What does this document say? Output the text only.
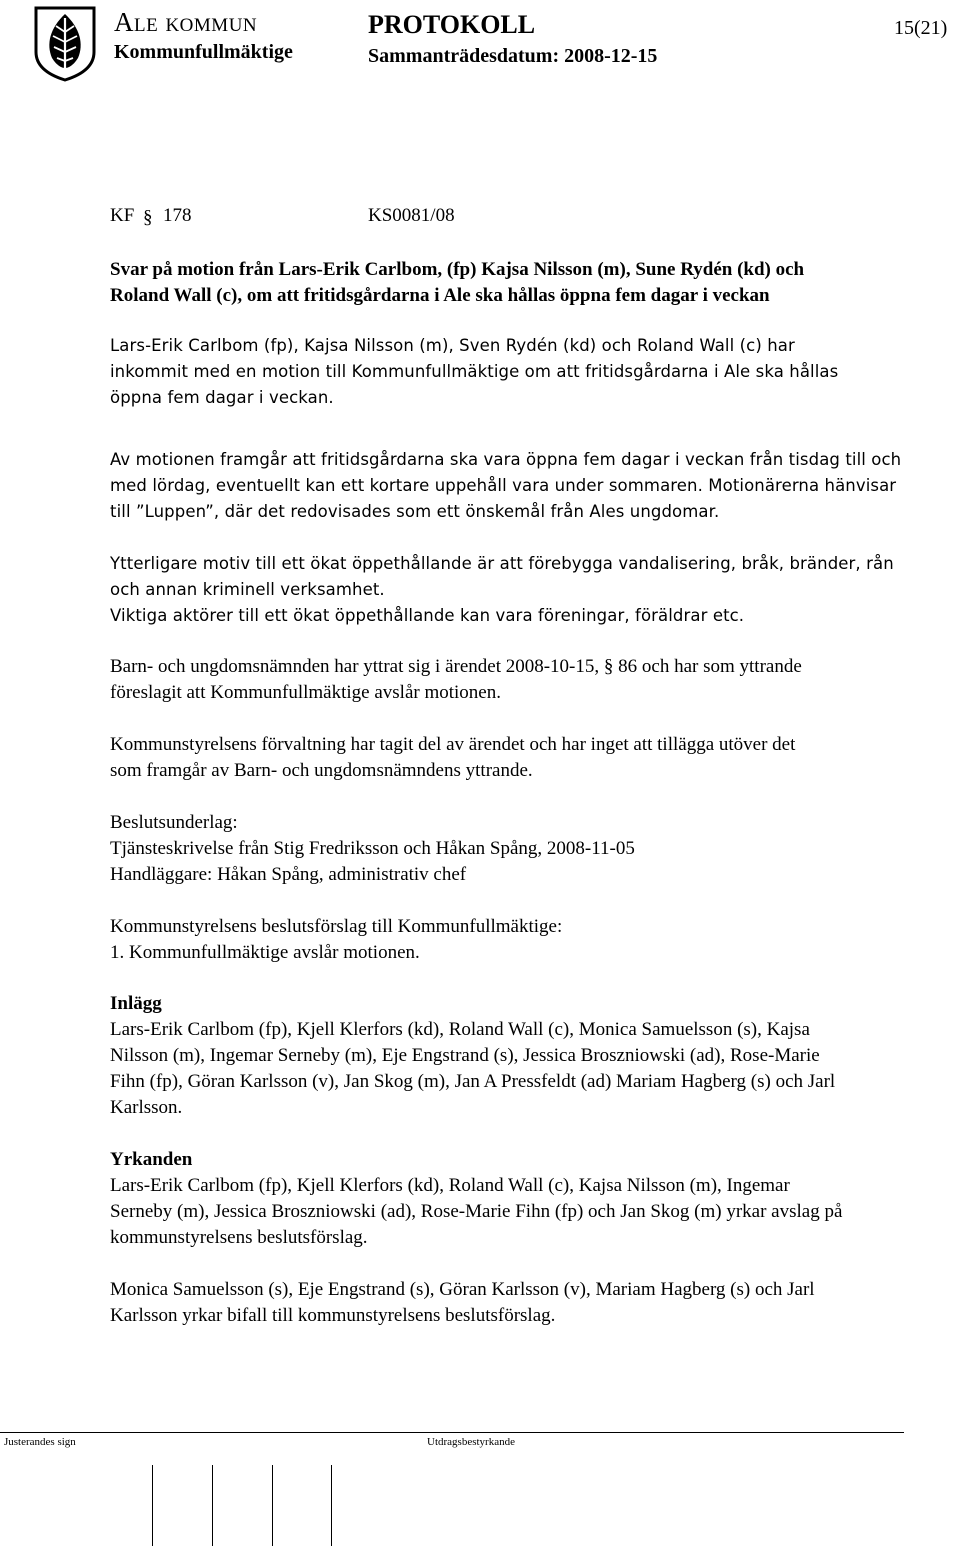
Ale kommun
Kommunfullmäktige
PROTOKOLL
Sammanträdesdatum: 2008-12-15
15(21)
KF § 178	KS0081/08
Svar på motion från Lars-Erik Carlbom, (fp) Kajsa Nilsson (m), Sune Rydén (kd) och
Roland Wall (c), om att fritidsgårdarna i Ale ska hållas öppna fem dagar i veckan
Lars-Erik Carlbom (fp), Kajsa Nilsson (m), Sven Rydén (kd) och Roland Wall (c) har
inkommit med en motion till Kommunfullmäktige om att fritidsgårdarna i Ale ska hållas
öppna fem dagar i veckan.
Av motionen framgår att fritidsgårdarna ska vara öppna fem dagar i veckan från tisdag till och
med lördag, eventuellt kan ett kortare uppehåll vara under sommaren. Motionärerna hänvisar
till ”Luppen”, där det redovisades som ett önskemål från Ales ungdomar.
Ytterligare motiv till ett ökat öppethållande är att förebygga vandalisering, bråk, bränder, rån
och annan kriminell verksamhet.
Viktiga aktörer till ett ökat öppethållande kan vara föreningar, föräldrar etc.
Barn- och ungdomsnämnden har yttrat sig i ärendet 2008-10-15, § 86 och har som yttrande
föreslagit att Kommunfullmäktige avslår motionen.
Kommunstyrelsens förvaltning har tagit del av ärendet och har inget att tillägga utöver det
som framgår av Barn- och ungdomsnämndens yttrande.
Beslutsunderlag:
Tjänsteskrivelse från Stig Fredriksson och Håkan Spång, 2008-11-05
Handläggare: Håkan Spång, administrativ chef
Kommunstyrelsens beslutsförslag till Kommunfullmäktige:
1. Kommunfullmäktige avslår motionen.
Inlägg
Lars-Erik Carlbom (fp), Kjell Klerfors (kd), Roland Wall (c), Monica Samuelsson (s), Kajsa
Nilsson (m), Ingemar Serneby (m), Eje Engstrand (s), Jessica Broszniowski (ad), Rose-Marie
Fihn (fp), Göran Karlsson (v), Jan Skog (m), Jan A Pressfeldt (ad) Mariam Hagberg (s) och Jarl
Karlsson.
Yrkanden
Lars-Erik Carlbom (fp), Kjell Klerfors (kd), Roland Wall (c), Kajsa Nilsson (m), Ingemar
Serneby (m), Jessica Broszniowski (ad), Rose-Marie Fihn (fp) och Jan Skog (m) yrkar avslag på
kommunstyrelsens beslutsförslag.
Monica Samuelsson (s), Eje Engstrand (s), Göran Karlsson (v), Mariam Hagberg (s) och Jarl
Karlsson yrkar bifall till kommunstyrelsens beslutsförslag.
Justerandes sign	Utdragsbestyrkande
